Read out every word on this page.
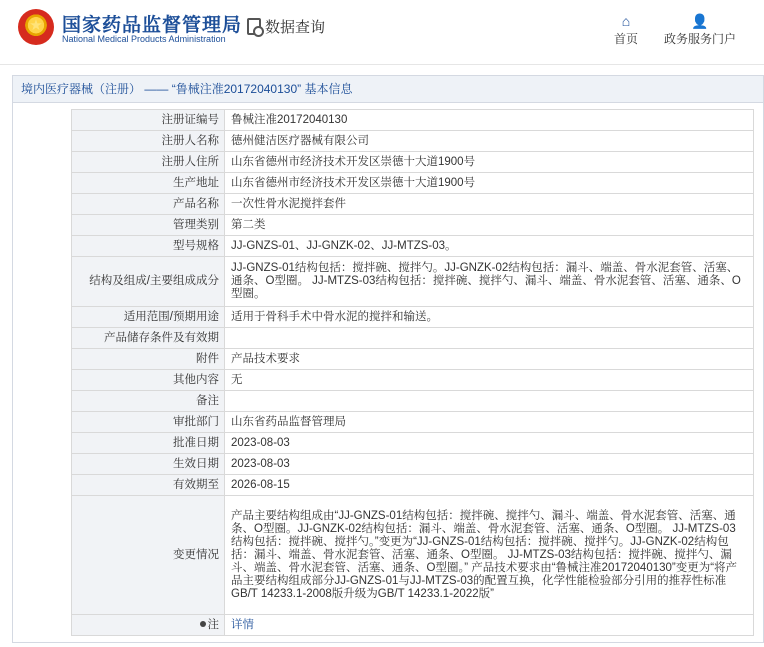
★
国家药品监督管理局
National Medical Products Administration
数据查询	⌂
首页
👤
政务服务门户
境内医疗器械（注册） —— “鲁械注准20172040130” 基本信息
注册证编号	鲁械注准20172040130
注册人名称	德州健洁医疗器械有限公司
注册人住所	山东省德州市经济技术开发区崇德十大道1900号
生产地址	山东省德州市经济技术开发区崇德十大道1900号
产品名称	一次性骨水泥搅拌套件
管理类别	第二类
型号规格	JJ-GNZS-01、JJ-GNZK-02、JJ-MTZS-03。
结构及组成/主要组成成分	JJ-GNZS-01结构包括：搅拌碗、搅拌勺。JJ-GNZK-02结构包括：漏斗、端盖、骨水泥套管、活塞、通条、O型圈。 JJ-MTZS-03结构包括：搅拌碗、搅拌勺、漏斗、端盖、骨水泥套管、活塞、通条、O型圈。
适用范围/预期用途	适用于骨科手术中骨水泥的搅拌和输送。
产品储存条件及有效期	
附件	产品技术要求
其他内容	无
备注	
审批部门	山东省药品监督管理局
批准日期	2023-08-03
生效日期	2023-08-03
有效期至	2026-08-15
变更情况	产品主要结构组成由“JJ-GNZS-01结构包括：搅拌碗、搅拌勺、漏斗、端盖、骨水泥套管、活塞、通条、O型圈。JJ-GNZK-02结构包括：漏斗、端盖、骨水泥套管、活塞、通条、O型圈。 JJ-MTZS-03结构包括：搅拌碗、搅拌勺。”变更为“JJ-GNZS-01结构包括：搅拌碗、搅拌勺。JJ-GNZK-02结构包括：漏斗、端盖、骨水泥套管、活塞、通条、O型圈。 JJ-MTZS-03结构包括：搅拌碗、搅拌勺、漏斗、端盖、骨水泥套管、活塞、通条、O型圈。” 产品技术要求由“鲁械注准20172040130”变更为“将产品主要结构组成部分JJ-GNZS-01与JJ-MTZS-03的配置互换，化学性能检验部分引用的推荐性标准GB/T 14233.1-2008版升级为GB/T 14233.1-2022版”
注	详情
